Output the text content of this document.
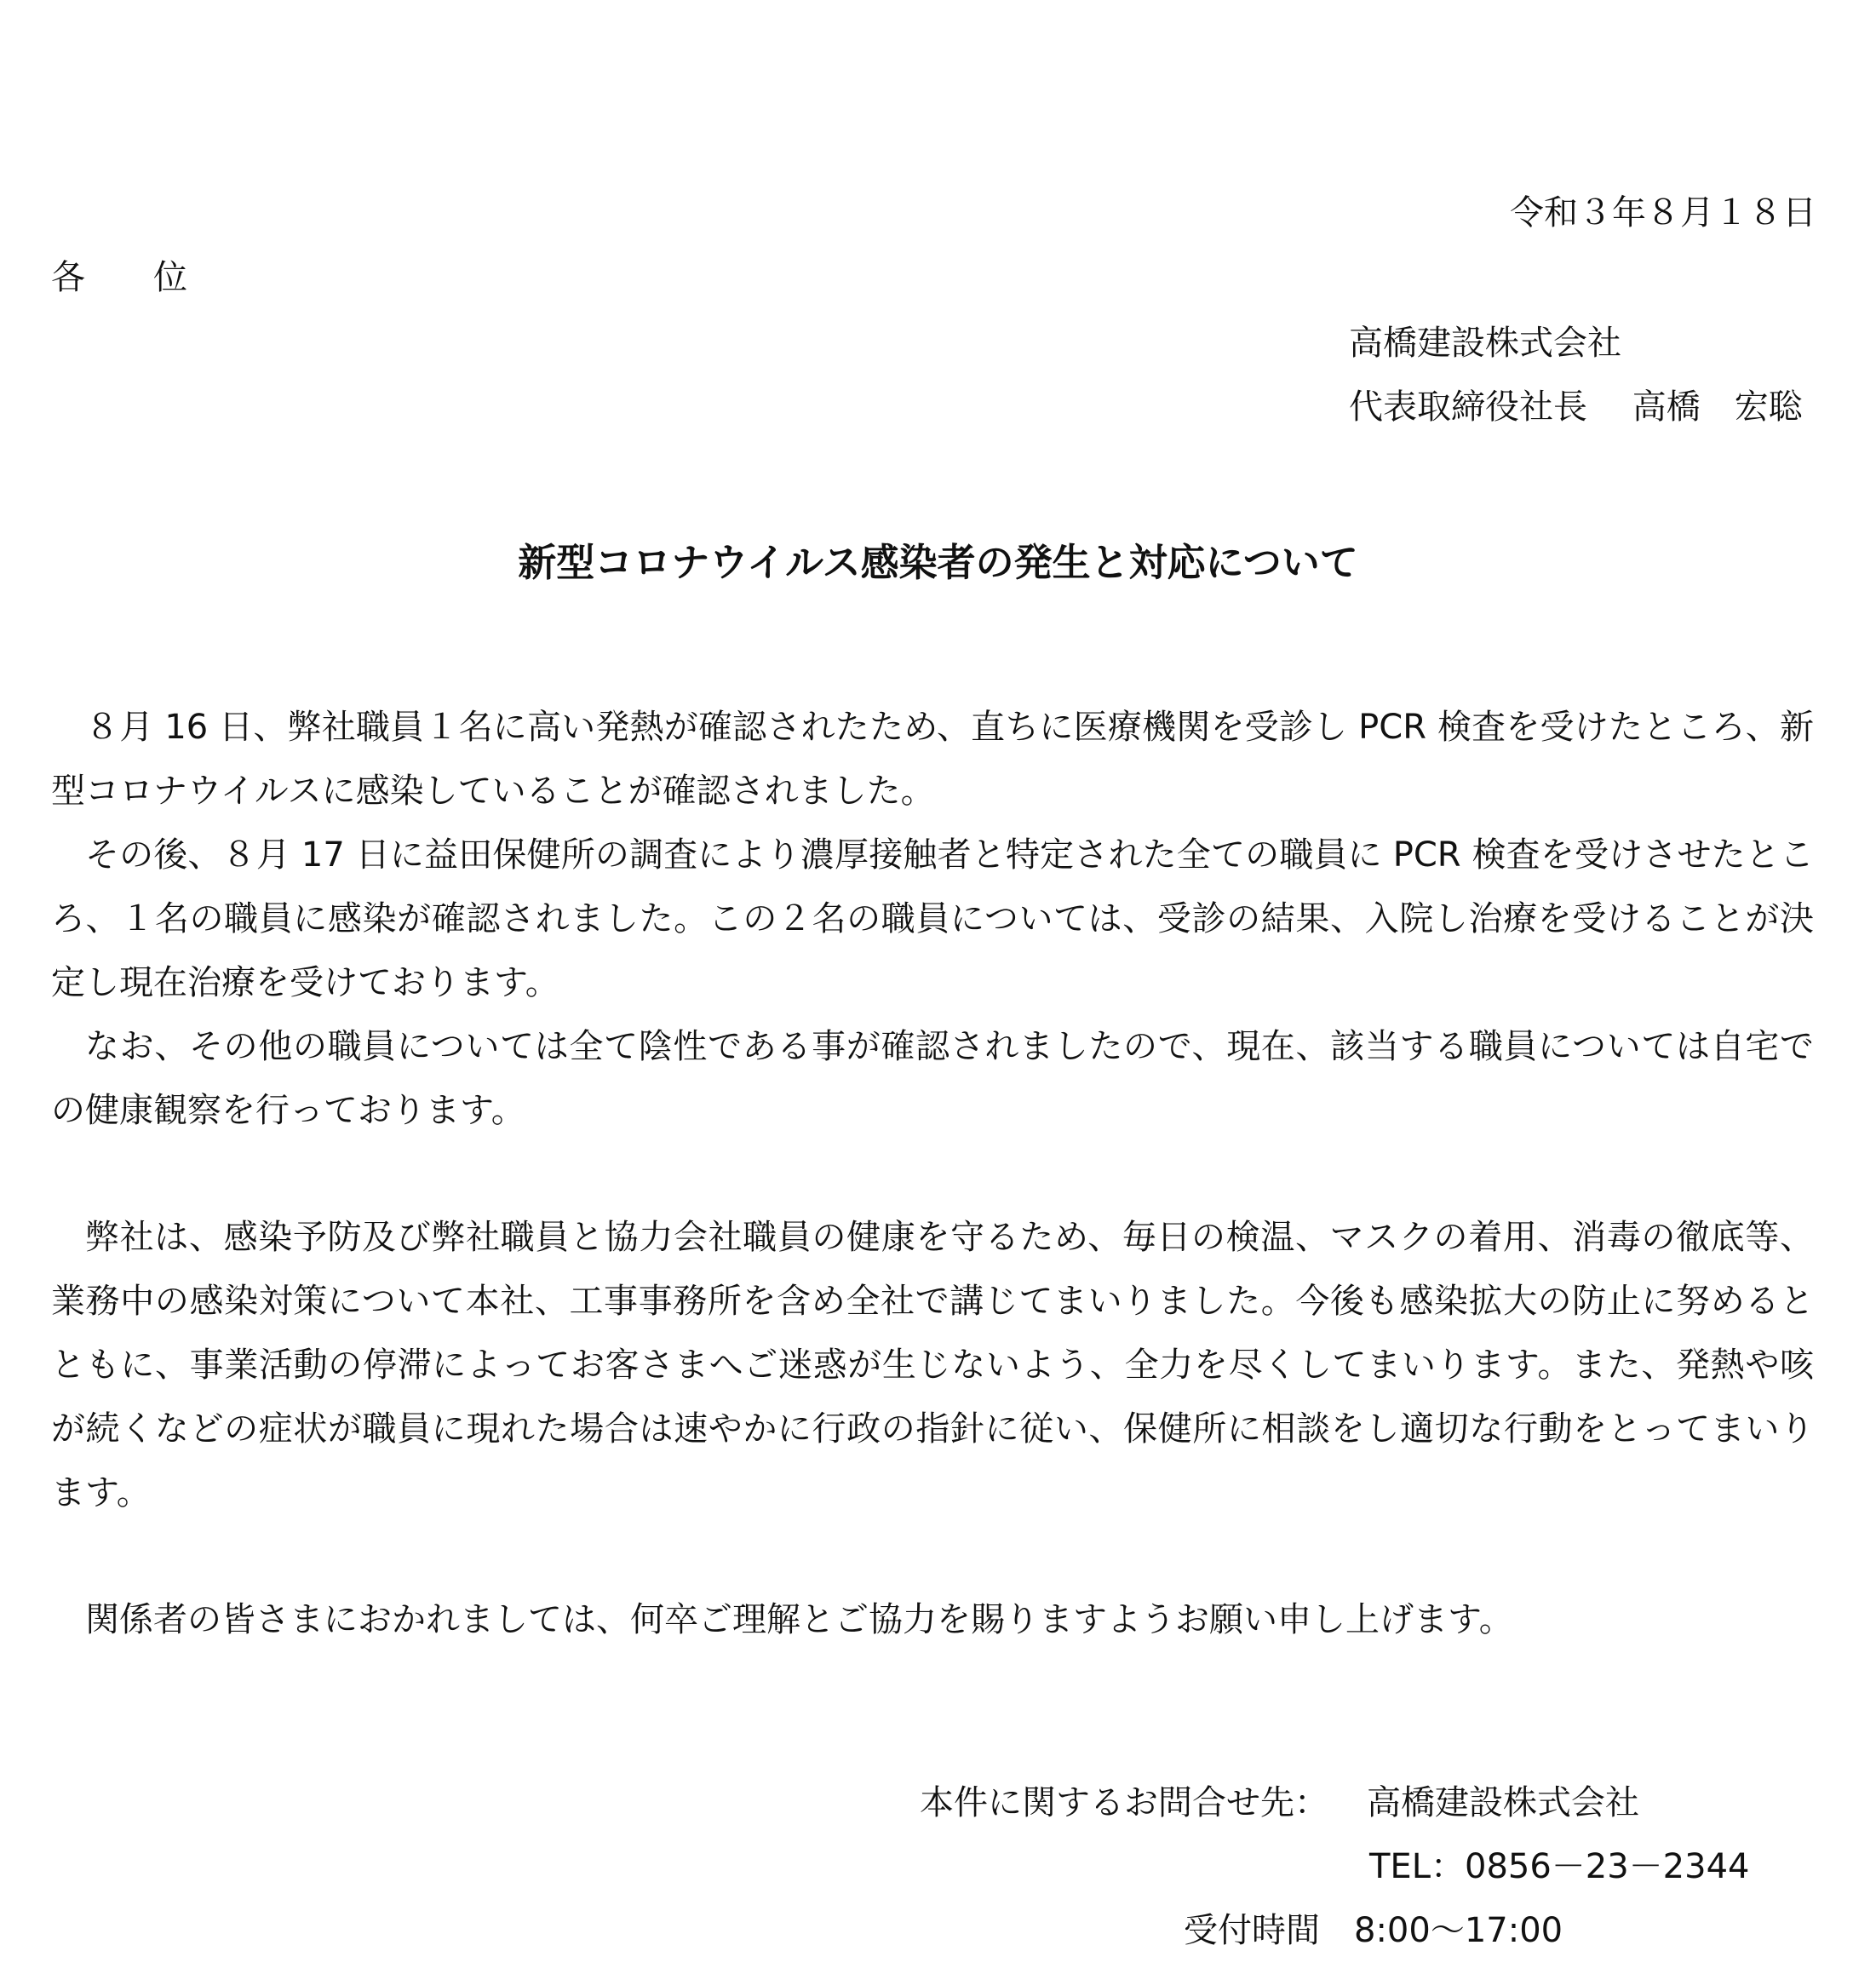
令和３年８月１８日

各　　位

高橋建設株式会社

代表取締役社長　 高橋　宏聡

新型コロナウイルス感染者の発生と対応について

８月 16 日、弊社職員１名に高い発熱が確認されたため、直ちに医療機関を受診し PCR 検査を受けたところ、新型コロナウイルスに感染していることが確認されました。

その後、８月 17 日に益田保健所の調査により濃厚接触者と特定された全ての職員に PCR 検査を受けさせたところ、１名の職員に感染が確認されました。この２名の職員については、受診の結果、入院し治療を受けることが決定し現在治療を受けております。

なお、その他の職員については全て陰性である事が確認されましたので、現在、該当する職員については自宅での健康観察を行っております。

弊社は、感染予防及び弊社職員と協力会社職員の健康を守るため、毎日の検温、マスクの着用、消毒の徹底等、業務中の感染対策について本社、工事事務所を含め全社で講じてまいりました。今後も感染拡大の防止に努めるとともに、事業活動の停滞によってお客さまへご迷惑が生じないよう、全力を尽くしてまいります。また、発熱や咳が続くなどの症状が職員に現れた場合は速やかに行政の指針に従い、保健所に相談をし適切な行動をとってまいります。

関係者の皆さまにおかれましては、何卒ご理解とご協力を賜りますようお願い申し上げます。

本件に関するお問合せ先： 高橋建設株式会社

TEL：0856－23－2344

受付時間　8:00～17:00
